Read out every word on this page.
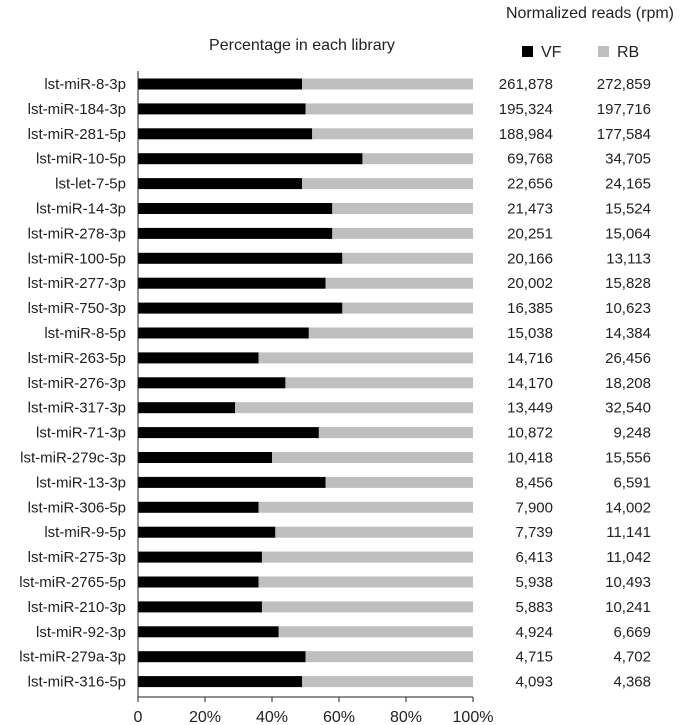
Percentage in each library
Normalized reads (rpm)
VF	RB
lst-miR-8-3p	261,878	272,859
lst-miR-184-3p	195,324	197,716
lst-miR-281-5p	188,984	177,584
lst-miR-10-5p	69,768	34,705
lst-let-7-5p	22,656	24,165
lst-miR-14-3p	21,473	15,524
lst-miR-278-3p	20,251	15,064
lst-miR-100-5p	20,166	13,113
lst-miR-277-3p	20,002	15,828
lst-miR-750-3p	16,385	10,623
lst-miR-8-5p	15,038	14,384
lst-miR-263-5p	14,716	26,456
lst-miR-276-3p	14,170	18,208
lst-miR-317-3p	13,449	32,540
lst-miR-71-3p	10,872	9,248
lst-miR-279c-3p	10,418	15,556
lst-miR-13-3p	8,456	6,591
lst-miR-306-5p	7,900	14,002
lst-miR-9-5p	7,739	11,141
lst-miR-275-3p	6,413	11,042
lst-miR-2765-5p	5,938	10,493
lst-miR-210-3p	5,883	10,241
lst-miR-92-3p	4,924	6,669
lst-miR-279a-3p	4,715	4,702
lst-miR-316-5p	4,093	4,368
0	20% 40% 60% 80% 100%
